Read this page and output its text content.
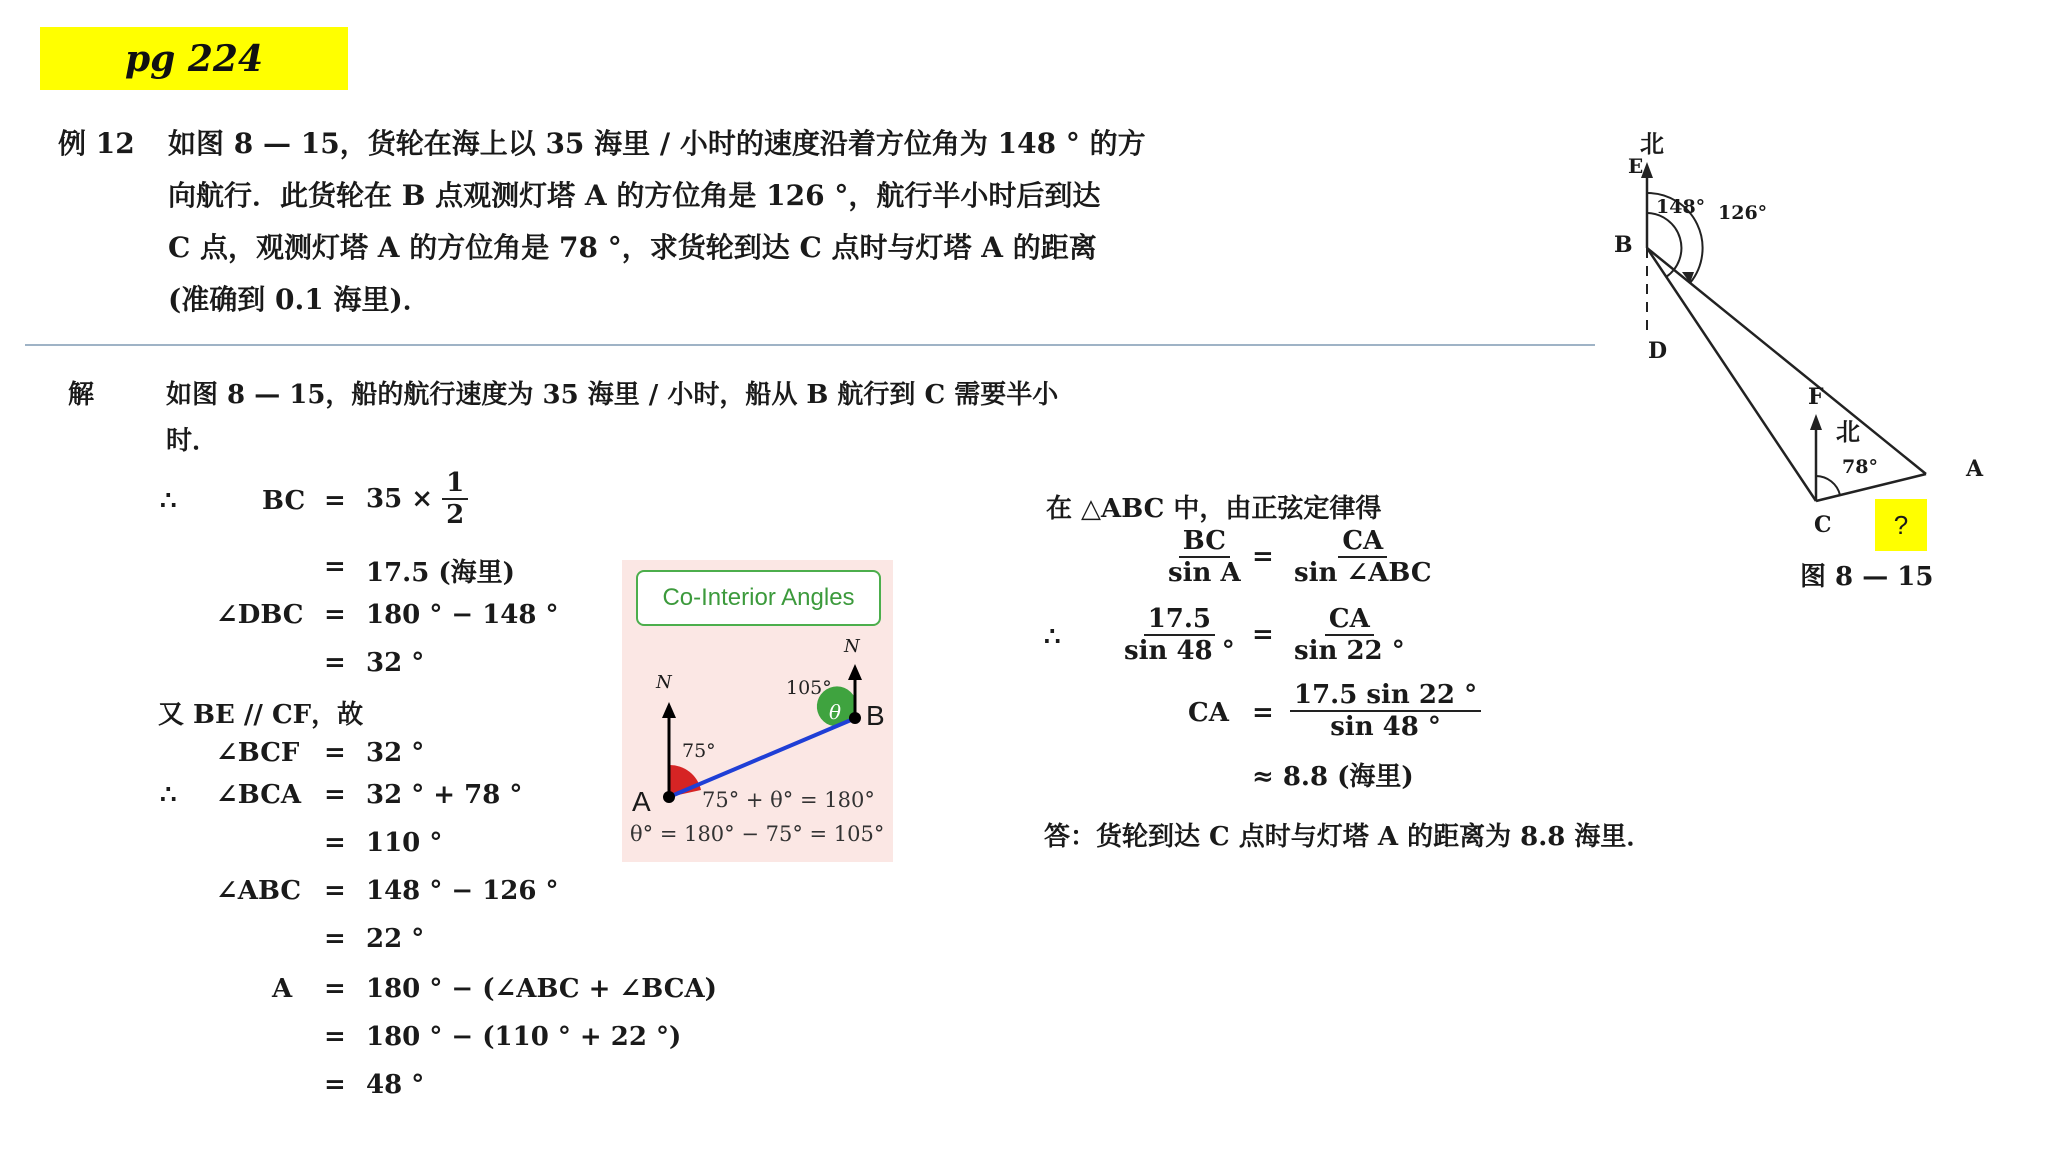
pg 224
例 12 如图 8 — 15，货轮在海上以 35 海里 / 小时的速度沿着方位角为 148 ° 的方
向航行．此货轮在 B 点观测灯塔 A 的方位角是 126 °，航行半小时后到达
C 点，观测灯塔 A 的方位角是 78 °，求货轮到达 C 点时与灯塔 A 的距离
(准确到 0.1 海里)．
解	如图 8 — 15，船的航行速度为 35 海里 / 小时，船从 B 航行到 C 需要半小
时．
∴	BC = $35 \times \frac{1}{2}$
= 17.5 (海里)
∠DBC = 180 ° − 148 °
= 32 °
又 BE // CF，故
∠BCF = 32 °
∴ ∠BCA = 32 ° + 78 °
= 110 °
∠ABC = 148 ° − 126 °
= 22 °
A = 180 ° − (∠ABC + ∠BCA)
= 180 ° − (110 ° + 22 °)
= 48 °
Co-Interior Angles
N
N
75°
105°
θ
A
B
75° + θ° = 180°
θ° = 180° − 75° = 105°
在 △ABC 中，由正弦定律得
$\frac{BC}{\text{sin A}} = \frac{CA}{\text{sin ∠ABC}}$
∴ $\frac{17.5}{\sin 48 ^\circ} = \frac{CA}{\sin 22 ^\circ}$
CA = $\frac{17.5 \sin 22 ^\circ}{\sin 48 ^\circ}$
≈ 8.8 (海里)
答：货轮到达 C 点时与灯塔 A 的距离为 8.8 海里．
北
E
B
148° 126°
D
F
北
78°	A
C
图 8 — 15
?
